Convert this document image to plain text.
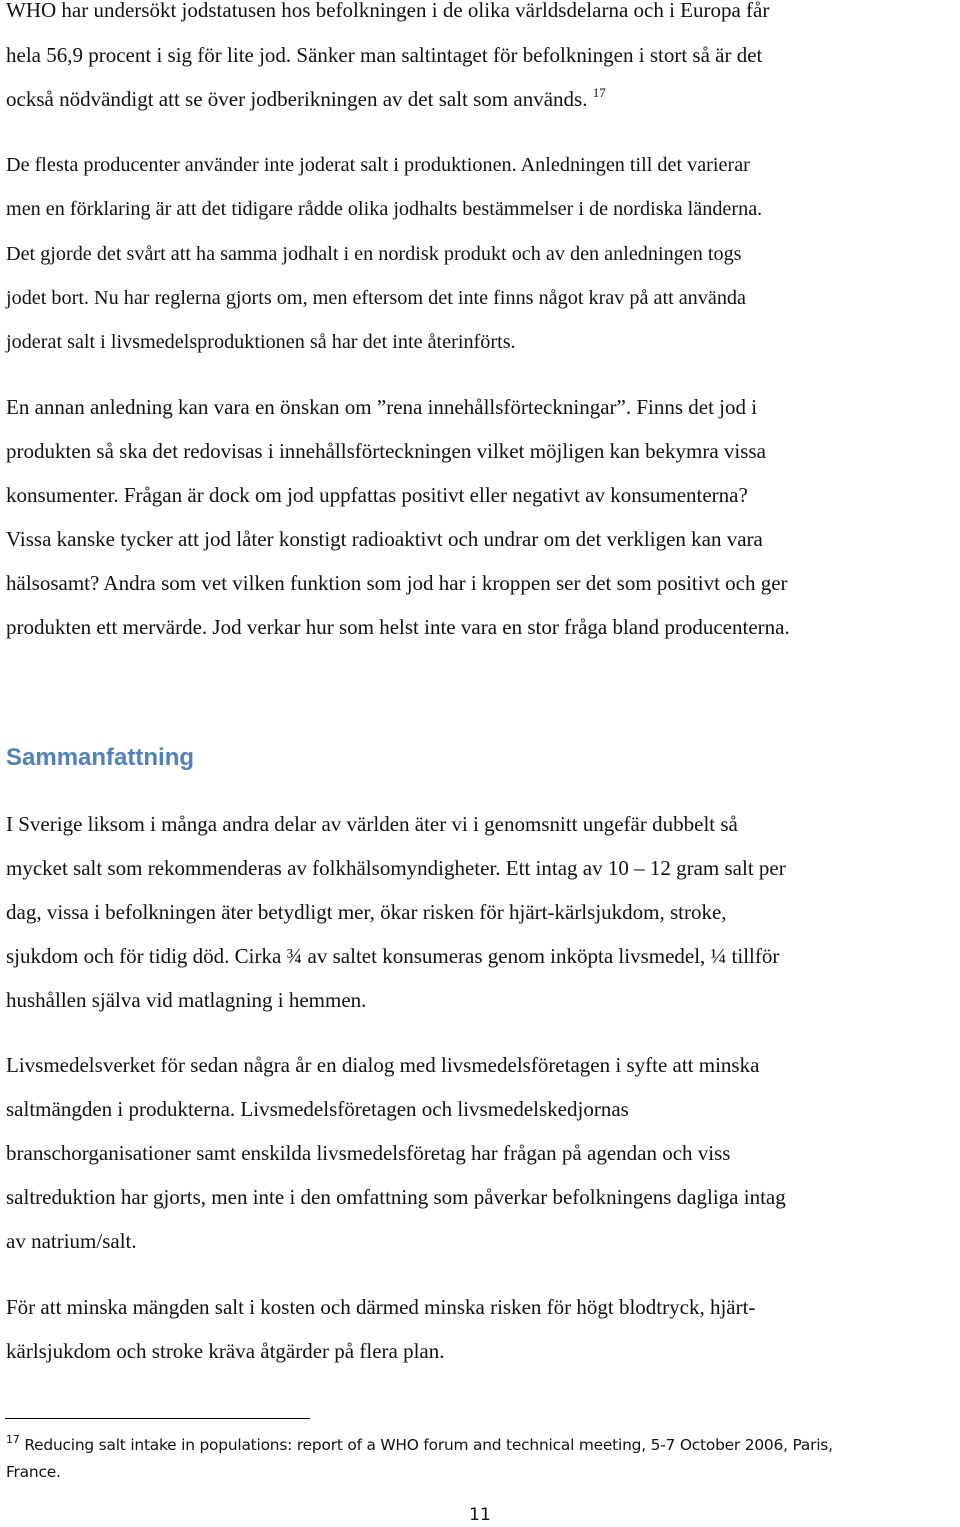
WHO har undersökt jodstatusen hos befolkningen i de olika världsdelarna och i Europa får
hela 56,9 procent i sig för lite jod. Sänker man saltintaget för befolkningen i stort så är det
också nödvändigt att se över jodberikningen av det salt som används. $^{17}$
De flesta producenter använder inte joderat salt i produktionen. Anledningen till det varierar
men en förklaring är att det tidigare rådde olika jodhalts bestämmelser i de nordiska länderna.
Det gjorde det svårt att ha samma jodhalt i en nordisk produkt och av den anledningen togs
jodet bort. Nu har reglerna gjorts om, men eftersom det inte finns något krav på att använda
joderat salt i livsmedelsproduktionen så har det inte återinförts.
En annan anledning kan vara en önskan om ”rena innehållsförteckningar”. Finns det jod i
produkten så ska det redovisas i innehållsförteckningen vilket möjligen kan bekymra vissa
konsumenter. Frågan är dock om jod uppfattas positivt eller negativt av konsumenterna?
Vissa kanske tycker att jod låter konstigt radioaktivt och undrar om det verkligen kan vara
hälsosamt? Andra som vet vilken funktion som jod har i kroppen ser det som positivt och ger
produkten ett mervärde. Jod verkar hur som helst inte vara en stor fråga bland producenterna.
Sammanfattning
I Sverige liksom i många andra delar av världen äter vi i genomsnitt ungefär dubbelt så
mycket salt som rekommenderas av folkhälsomyndigheter. Ett intag av 10 – 12 gram salt per
dag, vissa i befolkningen äter betydligt mer, ökar risken för hjärt-kärlsjukdom, stroke,
sjukdom och för tidig död. Cirka ¾ av saltet konsumeras genom inköpta livsmedel, ¼ tillför
hushållen själva vid matlagning i hemmen.
Livsmedelsverket för sedan några år en dialog med livsmedelsföretagen i syfte att minska
saltmängden i produkterna. Livsmedelsföretagen och livsmedelskedjornas
branschorganisationer samt enskilda livsmedelsföretag har frågan på agendan och viss
saltreduktion har gjorts, men inte i den omfattning som påverkar befolkningens dagliga intag
av natrium/salt.
För att minska mängden salt i kosten och därmed minska risken för högt blodtryck, hjärt-
kärlsjukdom och stroke kräva åtgärder på flera plan.
$^{17}$ Reducing salt intake in populations: report of a WHO forum and technical meeting, 5-7 October 2006, Paris,
France.
11
